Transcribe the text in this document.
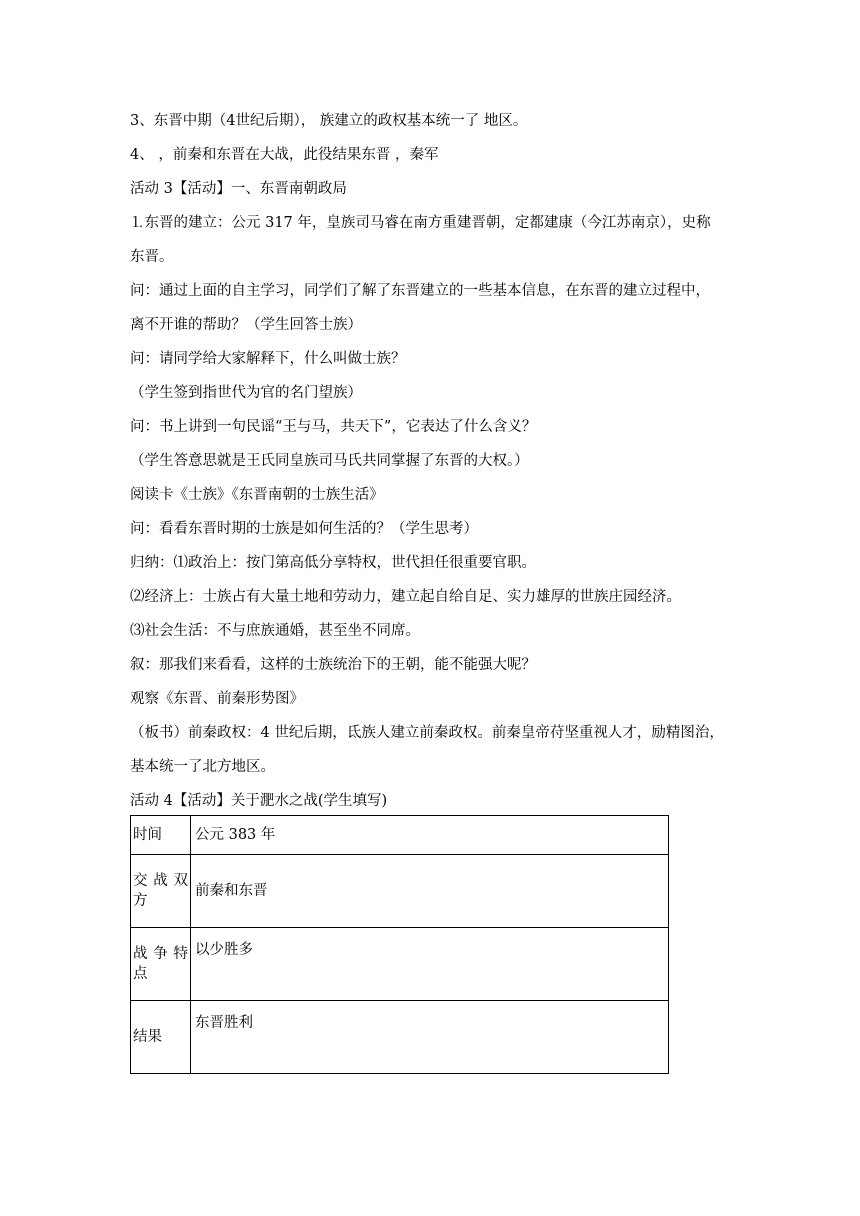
3、东晋中期（4世纪后期）， 族建立的政权基本统一了 地区。
4、 ，前秦和东晋在大战，此役结果东晋 ，秦军
活动 3【活动】一、东晋南朝政局
⒈东晋的建立：公元 317 年，皇族司马睿在南方重建晋朝，定都建康（今江苏南京），史称
东晋。
问：通过上面的自主学习，同学们了解了东晋建立的一些基本信息，在东晋的建立过程中，
离不开谁的帮助？（学生回答士族）
问：请同学给大家解释下，什么叫做士族？
（学生签到指世代为官的名门望族）
问：书上讲到一句民谣“王与马，共天下”，它表达了什么含义？
（学生答意思就是王氏同皇族司马氏共同掌握了东晋的大权。）
阅读卡《士族》《东晋南朝的士族生活》
问：看看东晋时期的士族是如何生活的？（学生思考）
归纳：⑴政治上：按门第高低分享特权，世代担任很重要官职。
⑵经济上：士族占有大量土地和劳动力，建立起自给自足、实力雄厚的世族庄园经济。
⑶社会生活：不与庶族通婚，甚至坐不同席。
叙：那我们来看看，这样的士族统治下的王朝，能不能强大呢？
观察《东晋、前秦形势图》
（板书）前秦政权：4 世纪后期，氐族人建立前秦政权。前秦皇帝苻坚重视人才，励精图治，
基本统一了北方地区。
活动 4【活动】关于淝水之战(学生填写)
时间	公元 383 年
交 战 双 方	前秦和东晋
战 争 特 点	以少胜多
结果	东晋胜利
